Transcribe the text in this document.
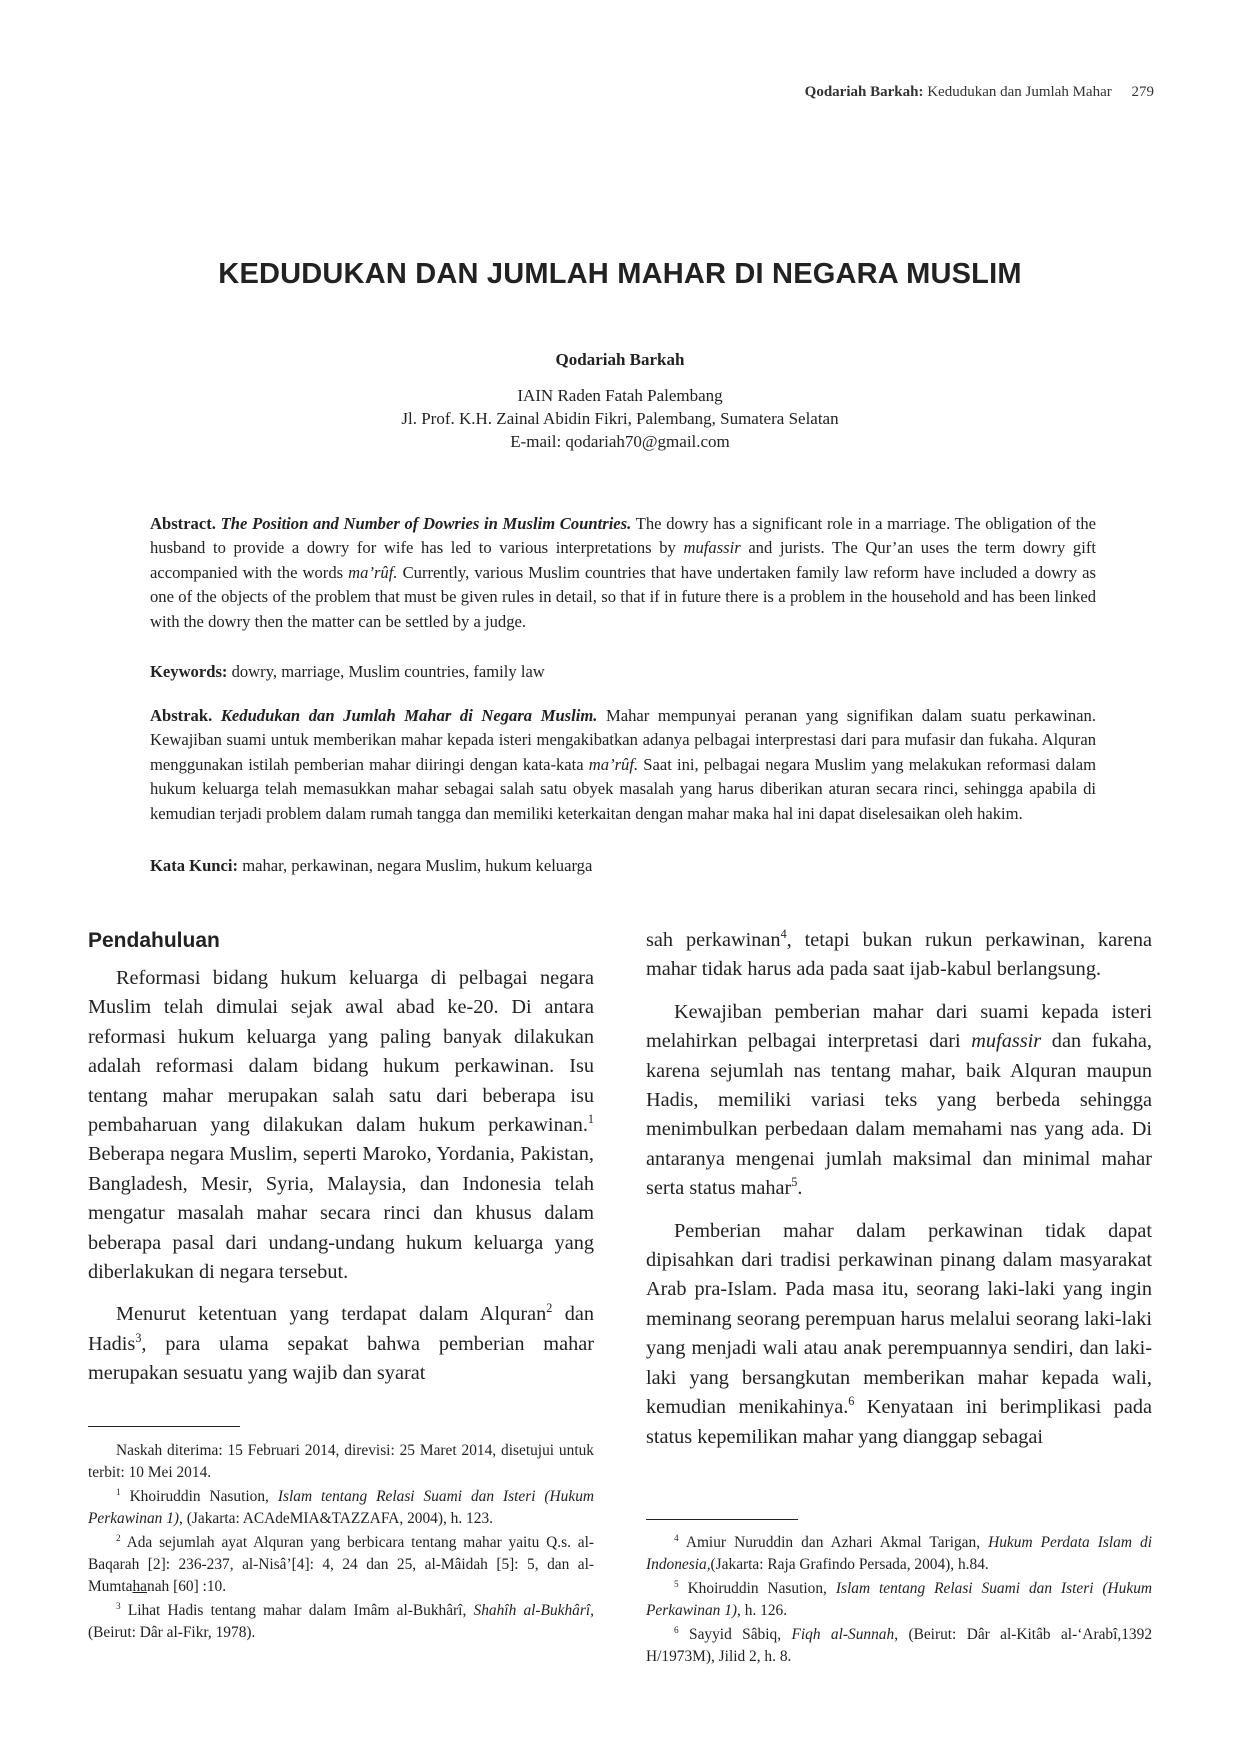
Qodariah Barkah: Kedudukan dan Jumlah Mahar 279
KEDUDUKAN DAN JUMLAH MAHAR DI NEGARA MUSLIM
Qodariah Barkah
IAIN Raden Fatah Palembang
Jl. Prof. K.H. Zainal Abidin Fikri, Palembang, Sumatera Selatan
E-mail: qodariah70@gmail.com
Abstract. The Position and Number of Dowries in Muslim Countries. The dowry has a significant role in a marriage. The obligation of the husband to provide a dowry for wife has led to various interpretations by mufassir and jurists. The Qur’an uses the term dowry gift accompanied with the words ma’rûf. Currently, various Muslim countries that have undertaken family law reform have included a dowry as one of the objects of the problem that must be given rules in detail, so that if in future there is a problem in the household and has been linked with the dowry then the matter can be settled by a judge.
Keywords: dowry, marriage, Muslim countries, family law
Abstrak. Kedudukan dan Jumlah Mahar di Negara Muslim. Mahar mempunyai peranan yang signifikan dalam suatu perkawinan. Kewajiban suami untuk memberikan mahar kepada isteri mengakibatkan adanya pelbagai interprestasi dari para mufasir dan fukaha. Alquran menggunakan istilah pemberian mahar diiringi dengan kata-kata ma’rûf. Saat ini, pelbagai negara Muslim yang melakukan reformasi dalam hukum keluarga telah memasukkan mahar sebagai salah satu obyek masalah yang harus diberikan aturan secara rinci, sehingga apabila di kemudian terjadi problem dalam rumah tangga dan memiliki keterkaitan dengan mahar maka hal ini dapat diselesaikan oleh hakim.
Kata Kunci: mahar, perkawinan, negara Muslim, hukum keluarga
Pendahuluan

Reformasi bidang hukum keluarga di pelbagai negara Muslim telah dimulai sejak awal abad ke-20. Di antara reformasi hukum keluarga yang paling banyak dilakukan adalah reformasi dalam bidang hukum perkawinan. Isu tentang mahar merupakan salah satu dari beberapa isu pembaharuan yang dilakukan dalam hukum perkawinan.$^1$ Beberapa negara Muslim, seperti Maroko, Yordania, Pakistan, Bangladesh, Mesir, Syria, Malaysia, dan Indonesia telah mengatur masalah mahar secara rinci dan khusus dalam beberapa pasal dari undang-undang hukum keluarga yang diberlakukan di negara tersebut.

Menurut ketentuan yang terdapat dalam Alquran$^2$ dan Hadis$^3$, para ulama sepakat bahwa pemberian mahar merupakan sesuatu yang wajib dan syarat

sah perkawinan$^4$, tetapi bukan rukun perkawinan, karena mahar tidak harus ada pada saat ijab-kabul berlangsung.

Kewajiban pemberian mahar dari suami kepada isteri melahirkan pelbagai interpretasi dari mufassir dan fukaha, karena sejumlah nas tentang mahar, baik Alquran maupun Hadis, memiliki variasi teks yang berbeda sehingga menimbulkan perbedaan dalam memahami nas yang ada. Di antaranya mengenai jumlah maksimal dan minimal mahar serta status mahar$^5$.

Pemberian mahar dalam perkawinan tidak dapat dipisahkan dari tradisi perkawinan pinang dalam masyarakat Arab pra-Islam. Pada masa itu, seorang laki-laki yang ingin meminang seorang perempuan harus melalui seorang laki-laki yang menjadi wali atau anak perempuannya sendiri, dan laki-laki yang bersangkutan memberikan mahar kepada wali, kemudian menikahinya.$^6$ Kenyataan ini berimplikasi pada status kepemilikan mahar yang dianggap sebagai

Naskah diterima: 15 Februari 2014, direvisi: 25 Maret 2014, disetujui untuk terbit: 10 Mei 2014.

$^1$ Khoiruddin Nasution, Islam tentang Relasi Suami dan Isteri (Hukum Perkawinan 1), (Jakarta: ACAdeMIA&TAZZAFA, 2004), h. 123.

$^2$ Ada sejumlah ayat Alquran yang berbicara tentang mahar yaitu Q.s. al-Baqarah [2]: 236-237, al-Nisâ’[4]: 4, 24 dan 25, al-Mâidah [5]: 5, dan al-Mumtahanah [60] :10.

$^3$ Lihat Hadis tentang mahar dalam Imâm al-Bukhârî, Shahîh al-Bukhârî, (Beirut: Dâr al-Fikr, 1978).

$^4$ Amiur Nuruddin dan Azhari Akmal Tarigan, Hukum Perdata Islam di Indonesia,(Jakarta: Raja Grafindo Persada, 2004), h.84.

$^5$ Khoiruddin Nasution, Islam tentang Relasi Suami dan Isteri (Hukum Perkawinan 1), h. 126.

$^6$ Sayyid Sâbiq, Fiqh al-Sunnah, (Beirut: Dâr al-Kitâb al-‘Arabî,1392 H/1973M), Jilid 2, h. 8.
